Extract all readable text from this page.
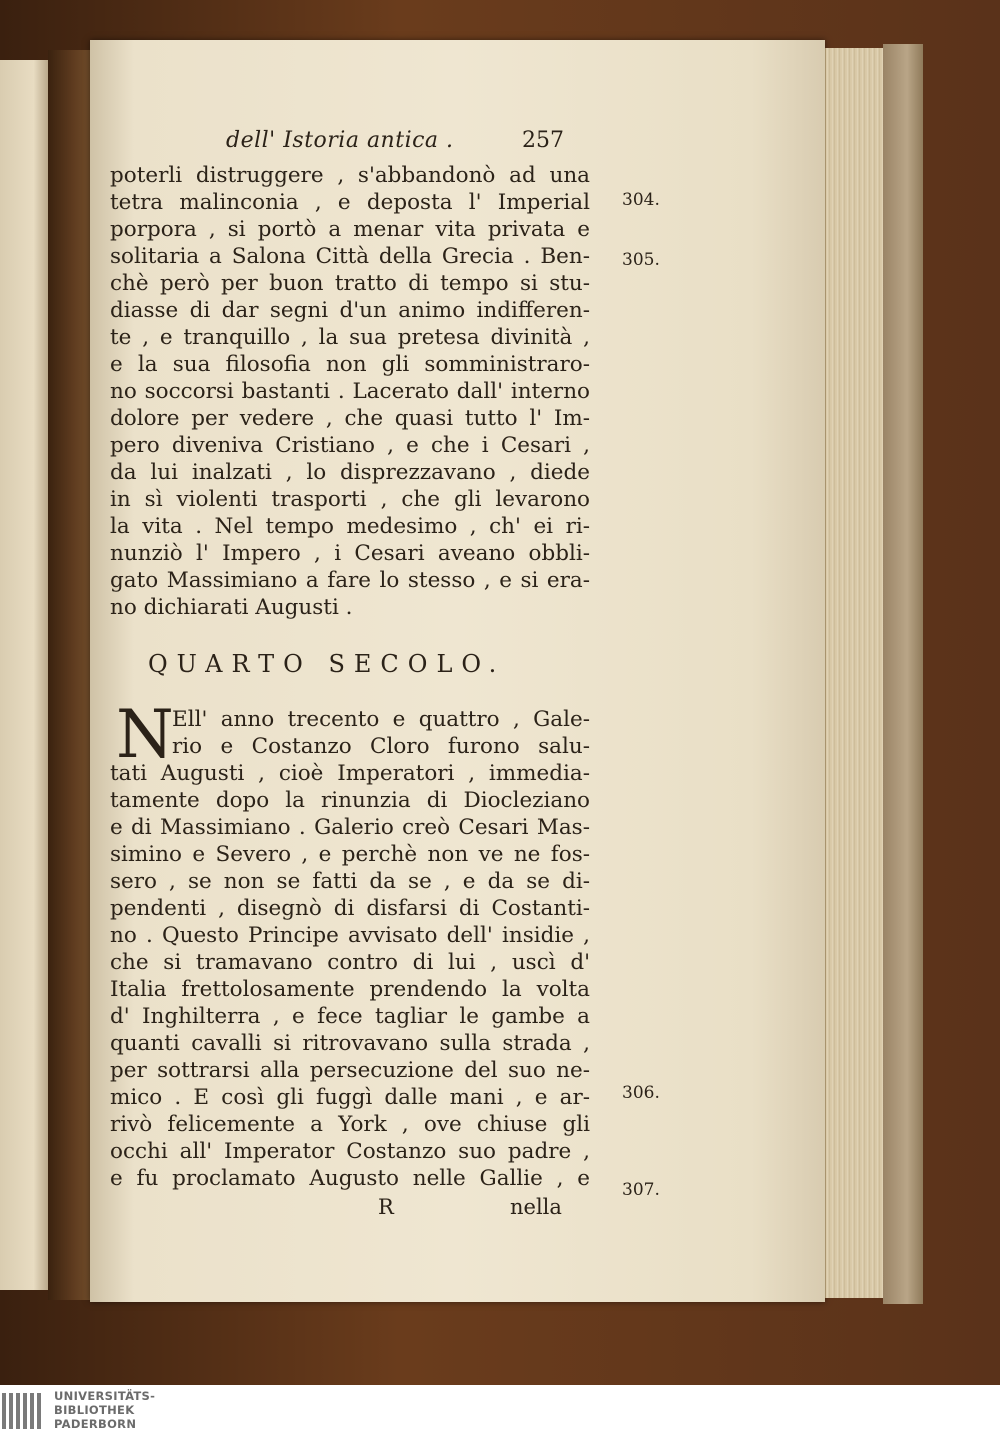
dell' Istoria antica .	257
poterli distruggere , s'abbandonò ad una
tetra malinconia , e deposta l' Imperial
porpora , si portò a menar vita privata e
solitaria a Salona Città della Grecia . Ben-
chè però per buon tratto di tempo si stu-
diasse di dar segni d'un animo indifferen-
te , e tranquillo , la sua pretesa divinità ,
e la sua filosofia non gli somministraro-
no soccorsi bastanti . Lacerato dall' interno
dolore per vedere , che quasi tutto l' Im-
pero diveniva Cristiano , e che i Cesari ,
da lui inalzati , lo disprezzavano , diede
in sì violenti trasporti , che gli levarono
la vita . Nel tempo medesimo , ch' ei ri-
nunziò l' Impero , i Cesari aveano obbli-
gato Massimiano a fare lo stesso , e si era-
no dichiarati Augusti .
QUARTO SECOLO.
N
Ell' anno trecento e quattro , Gale-
rio e Costanzo Cloro furono salu-
tati Augusti , cioè Imperatori , immedia-
tamente dopo la rinunzia di Diocleziano
e di Massimiano . Galerio creò Cesari Mas-
simino e Severo , e perchè non ve ne fos-
sero , se non se fatti da se , e da se di-
pendenti , disegnò di disfarsi di Costanti-
no . Questo Principe avvisato dell' insidie ,
che si tramavano contro di lui , uscì d'
Italia frettolosamente prendendo la volta
d' Inghilterra , e fece tagliar le gambe a
quanti cavalli si ritrovavano sulla strada ,
per sottrarsi alla persecuzione del suo ne-
mico . E così gli fuggì dalle mani , e ar-
rivò felicemente a York , ove chiuse gli
occhi all' Imperator Costanzo suo padre ,
e fu proclamato Augusto nelle Gallie , e
304.
305.
306.
307.
R	nella
UNIVERSITÄTS-
BIBLIOTHEK
PADERBORN
